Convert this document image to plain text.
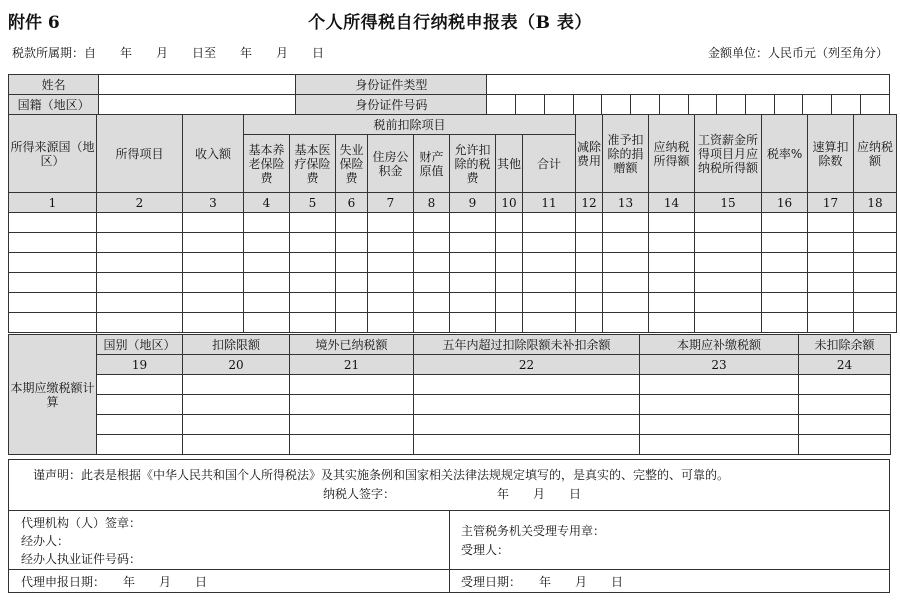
附件 6	个人所得税自行纳税申报表（B 表）
税款所属期：自　　年　　月　　日至　　年　　月　　日	金额单位：人民币元（列至角分）
姓名		身份证件类型														
国籍（地区）		身份证件号码														
所得来源国（地区）	所得项目	收入额	税前扣除项目								减除费用	准予扣除的捐赠额	应纳税所得额	工资薪金所得项目月应纳税所得额	税率%	速算扣除数	应纳税额
			基本养老保险费	基本医疗保险费	失业保险费	住房公积金	财产原值	允许扣除的税费	其他	合计							
1	2	3	4	5	6	7	8	9	10	11	12	13	14	15	16	17	18

本期应缴税额计算	国别（地区）	扣除限额	境外已纳税额	五年内超过扣除限额未补扣余额	本期应补缴税额	未扣除余额
	19	20	21	22	23	24

谨声明：此表是根据《中华人民共和国个人所得税法》及其实施条例和国家相关法律法规规定填写的，是真实的、完整的、可靠的。
纳税人签字：　　　　　　　　　年　　月　　日
代理机构（人）签章：
经办人：
经办人执业证件号码：
代理申报日期：　　年　　月　　日
主管税务机关受理专用章：
受理人：
受理日期：　　年　　月　　日
